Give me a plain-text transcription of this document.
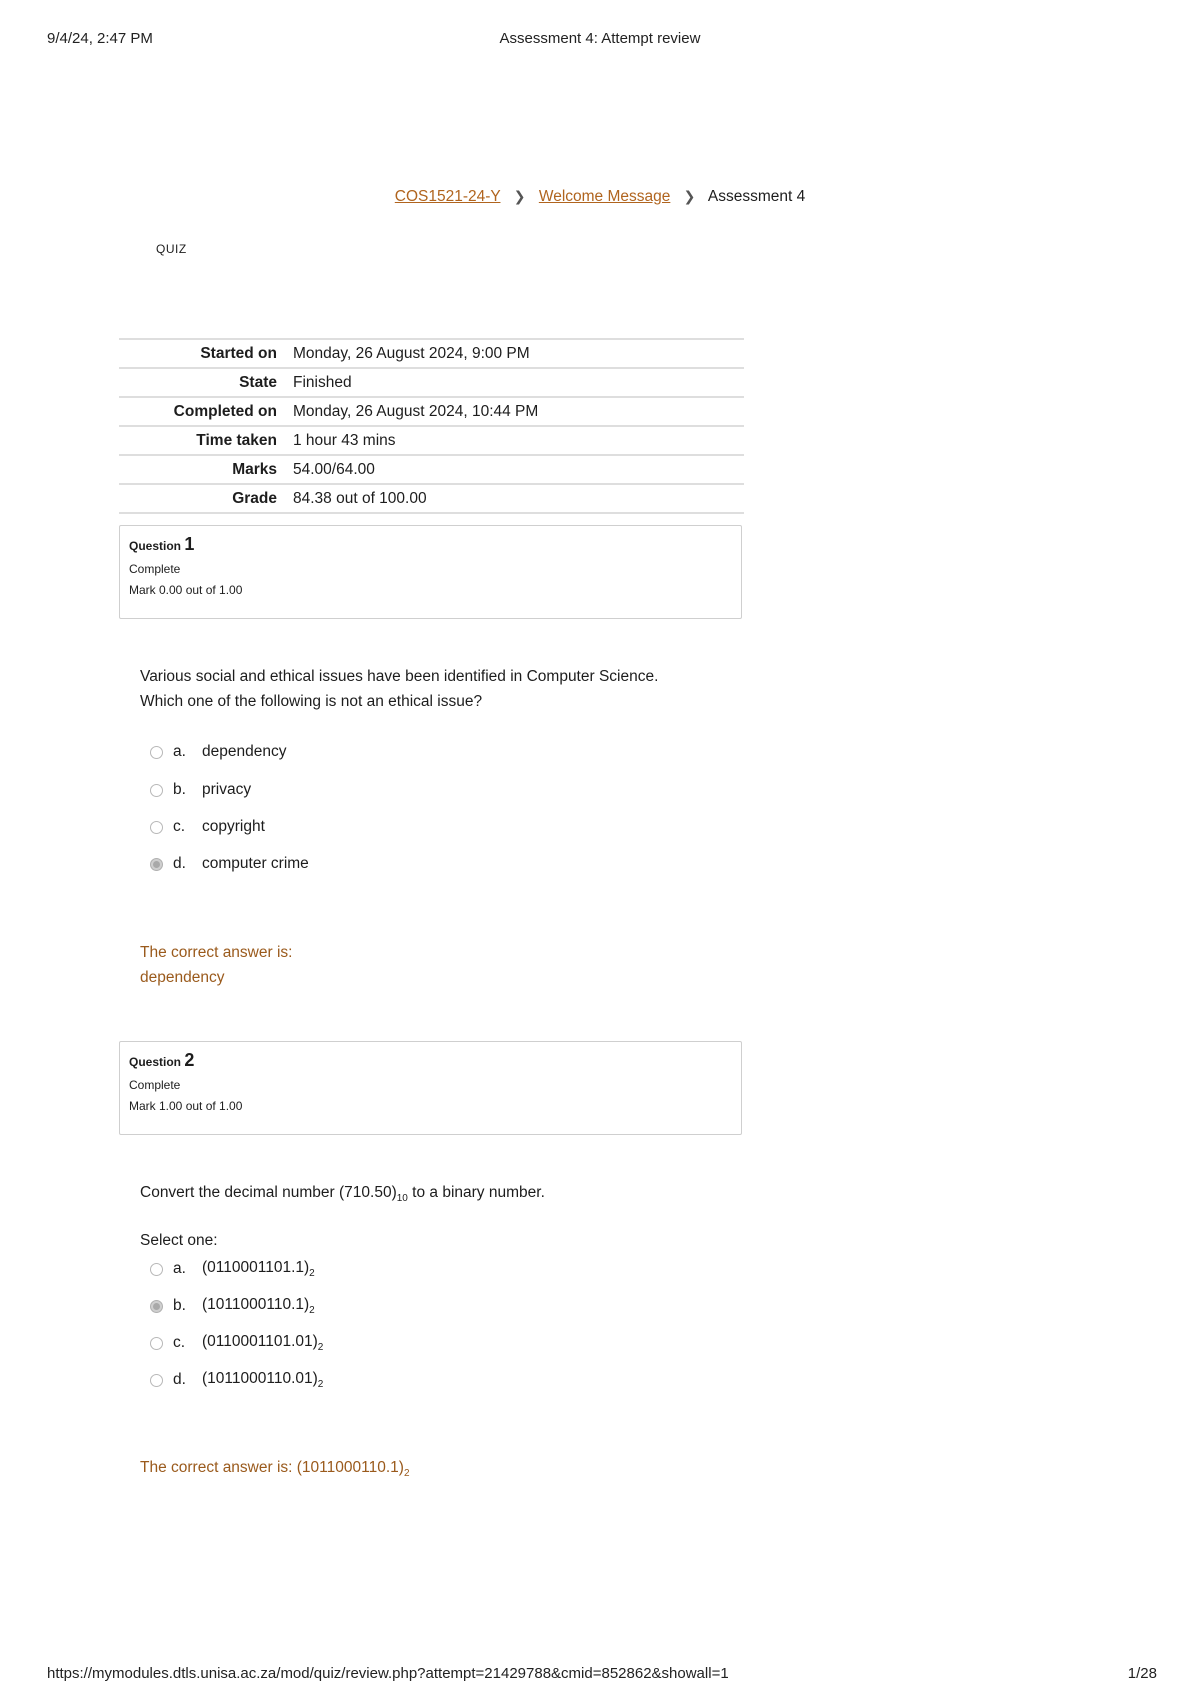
9/4/24, 2:47 PM	Assessment 4: Attempt review
COS1521-24-Y ❯ Welcome Message ❯ Assessment 4
QUIZ
Started on	Monday, 26 August 2024, 9:00 PM
State	Finished
Completed on	Monday, 26 August 2024, 10:44 PM
Time taken	1 hour 43 mins
Marks	54.00/64.00
Grade	84.38 out of 100.00
Question 1
Complete
Mark 0.00 out of 1.00
Various social and ethical issues have been identified in Computer Science.
Which one of the following is not an ethical issue?
a.	dependency
b.	privacy
c.	copyright
d.	computer crime
The correct answer is:
dependency
Question 2
Complete
Mark 1.00 out of 1.00
Convert the decimal number $(710.50)_{10}$ to a binary number.
Select one:
a.	$(0110001101.1)_2$
b.	$(1011000110.1)_2$
c.	$(0110001101.01)_2$
d.	$(1011000110.01)_2$
The correct answer is: $(1011000110.1)_2$
https://mymodules.dtls.unisa.ac.za/mod/quiz/review.php?attempt=21429788&cmid=852862&showall=1	1/28
